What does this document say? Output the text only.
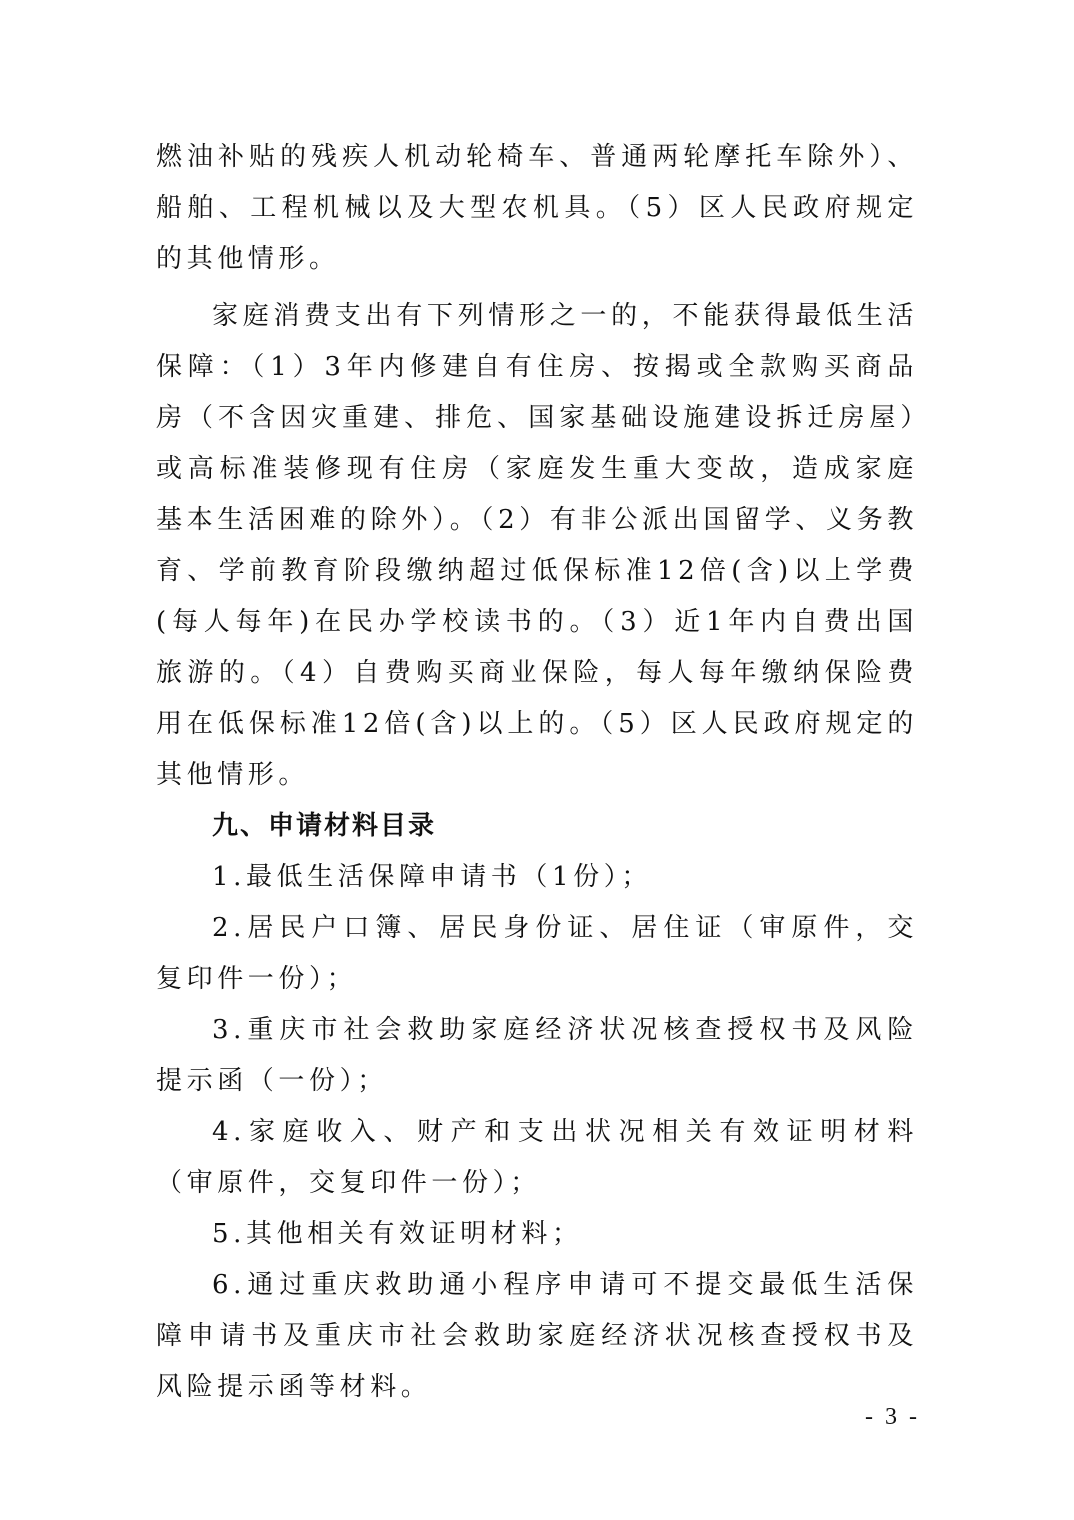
燃油补贴的残疾人机动轮椅车、普通两轮摩托车除外）、船舶、工程机械以及大型农机具。（5）区人民政府规定的其他情形。

家庭消费支出有下列情形之一的，不能获得最低生活保障：（1）3年内修建自有住房、按揭或全款购买商品房（不含因灾重建、排危、国家基础设施建设拆迁房屋）或高标准装修现有住房（家庭发生重大变故，造成家庭基本生活困难的除外）。（2）有非公派出国留学、义务教育、学前教育阶段缴纳超过低保标准12倍(含)以上学费(每人每年)在民办学校读书的。（3）近1年内自费出国旅游的。（4）自费购买商业保险，每人每年缴纳保险费用在低保标准12倍(含)以上的。（5）区人民政府规定的其他情形。

九、申请材料目录

1.最低生活保障申请书（1份）；

2.居民户口簿、居民身份证、居住证（审原件，交复印件一份）；

3.重庆市社会救助家庭经济状况核查授权书及风险提示函（一份）；

4.家庭收入、财产和支出状况相关有效证明材料（审原件，交复印件一份）；

5.其他相关有效证明材料；

6.通过重庆救助通小程序申请可不提交最低生活保障申请书及重庆市社会救助家庭经济状况核查授权书及风险提示函等材料。

- 3 -
